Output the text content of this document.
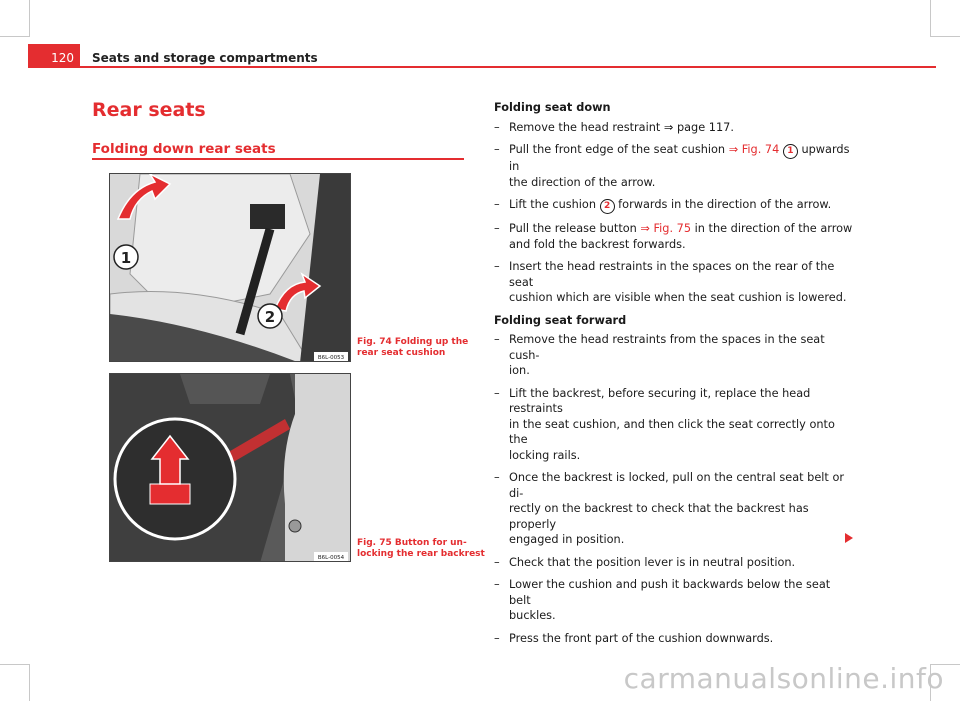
120	Seats and storage compartments
Rear seats
Folding down rear seats
1
2
B6L-0053
Fig. 74 Folding up the
rear seat cushion
B6L-0054
Fig. 75 Button for un-
locking the rear backrest
Folding seat down
– Remove the head restraint ⇒ page 117.
– Pull the front edge of the seat cushion ⇒ Fig. 74 1 upwards in
the direction of the arrow.
– Lift the cushion 2 forwards in the direction of the arrow.
– Pull the release button ⇒ Fig. 75 in the direction of the arrow
and fold the backrest forwards.
– Insert the head restraints in the spaces on the rear of the seat
cushion which are visible when the seat cushion is lowered.
Folding seat forward
– Remove the head restraints from the spaces in the seat cush-
ion.
– Lift the backrest, before securing it, replace the head restraints
in the seat cushion, and then click the seat correctly onto the
locking rails.
– Once the backrest is locked, pull on the central seat belt or di-
rectly on the backrest to check that the backrest has properly
engaged in position.
– Check that the position lever is in neutral position.
– Lower the cushion and push it backwards below the seat belt
buckles.
– Press the front part of the cushion downwards.
carmanualsonline.info
